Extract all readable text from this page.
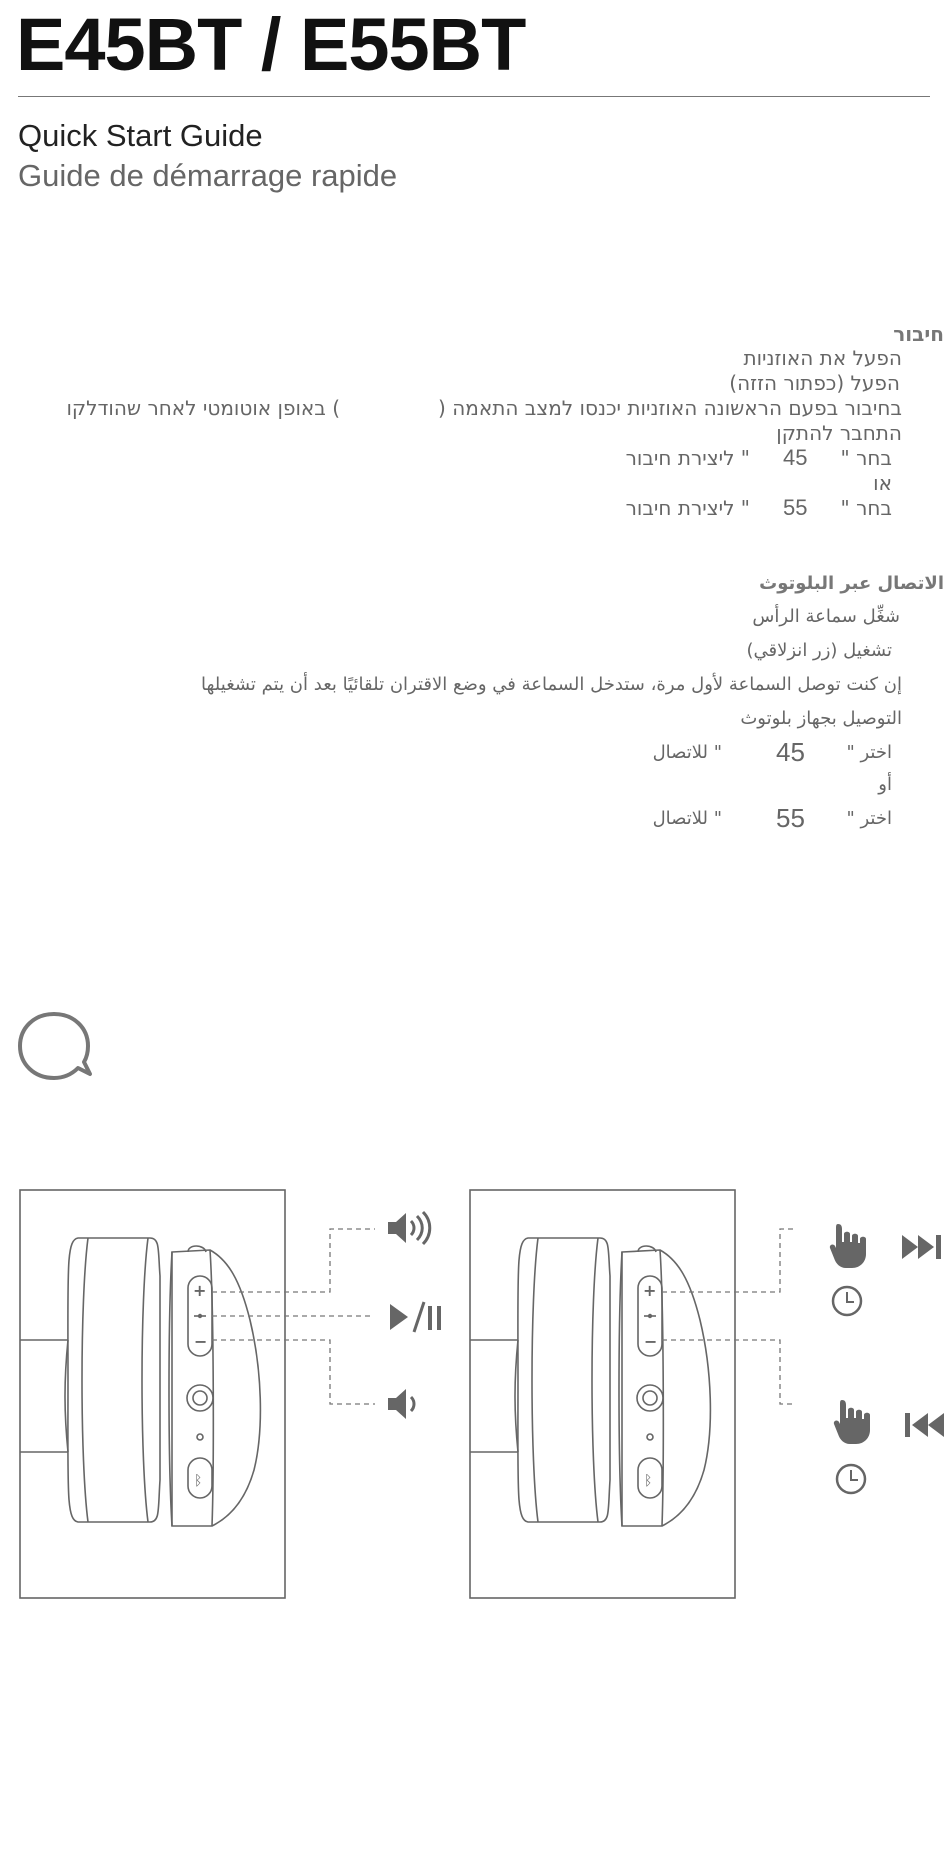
E45BT / E55BT
Quick Start Guide
Guide de démarrage rapide
חיבור
הפעל את האוזניות
הפעל (כפתור הזזה)
בחיבור בפעם הראשונה האוזניות יכנסו למצב התאמה (
) באופן אוטומטי לאחר שהודלקו
התחבר להתקן
בחר "
45
" ליצירת חיבור
או
בחר "
55
" ליצירת חיבור
الاتصال عبر البلوتوث
شغِّل سماعة الرأس
تشغيل (زر انزلاقي)
إن كنت توصل السماعة لأول مرة، ستدخل السماعة في وضع الاقتران تلقائيًا بعد أن يتم تشغيلها
التوصيل بجهاز بلوتوث
اختر "
45
" للاتصال
أو
اختر "
55
" للاتصال
+
−
ᛒ
+
−
ᛒ
